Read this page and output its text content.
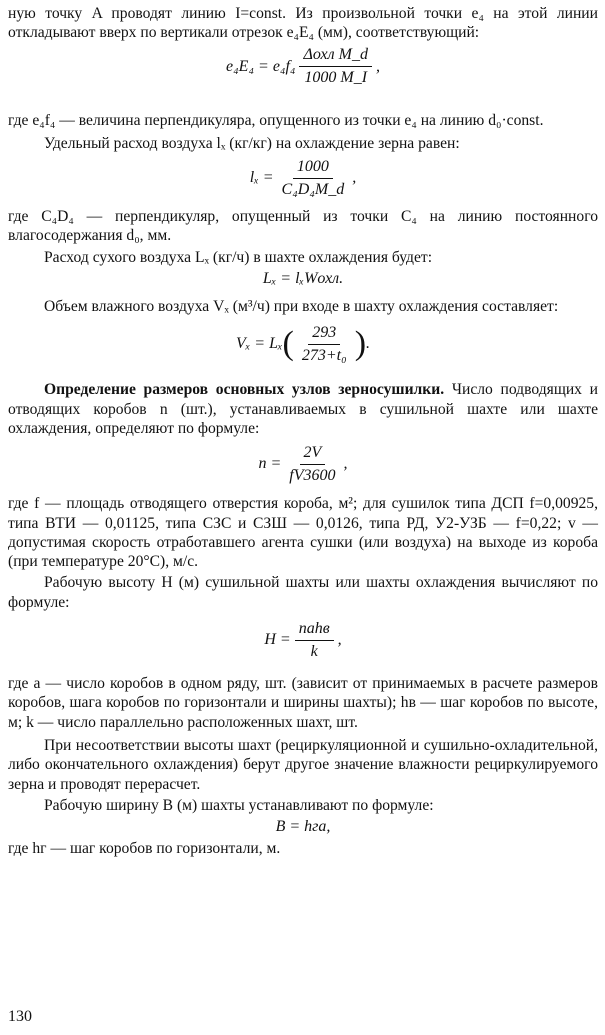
ную точку A проводят линию I=const. Из произвольной точки e₄ на этой линии откладывают вверх по вертикали отрезок e₄E₄ (мм), соответствующий:

$e_4E_4 = e_4f_4 \frac{\text{Δохл M\_d}}{1000 M\_I}$ ,

где e₄f₄ — величина перпендикуляра, опущенного из точки e₄ на линию d₀·const.

Удельный расход воздуха lₓ (кг/кг) на охлаждение зерна равен:

$l_x = \frac{1000}{\text{C₄D₄M\_d}}$ ,

где C₄D₄ — перпендикуляр, опущенный из точки C₄ на линию постоянного влагосодержания d₀, мм.

Расход сухого воздуха Lₓ (кг/ч) в шахте охлаждения будет:

Lₓ = lₓWохл.

Объем влажного воздуха Vₓ (м³/ч) при входе в шахту охлаждения составляет:

Vₓ = Lₓ ( $\frac{293}{\text{273+t₀}}$ ) .

Определение размеров основных узлов зерносушилки. Число подводящих и отводящих коробов n (шт.), устанавливаемых в сушильной шахте или шахте охлаждения, определяют по формуле:

$n = \frac{2V}{fV3600}$ ,

где f — площадь отводящего отверстия короба, м²; для сушилок типа ДСП f=0,00925, типа ВТИ — 0,01125, типа СЗС и СЗШ — 0,0126, типа РД, У2-УЗБ — f=0,22; v — допустимая скорость отработавшего агента сушки (или воздуха) на выходе из короба (при температуре 20°С), м/с.

Рабочую высоту H (м) сушильной шахты или шахты охлаждения вычисляют по формуле:

$H = \frac{\text{nahв}}{k}$ ,

где a — число коробов в одном ряду, шт. (зависит от принимаемых в расчете размеров коробов, шага коробов по горизонтали и ширины шахты); hв — шаг коробов по высоте, м; k — число параллельно расположенных шахт, шт.

При несоответствии высоты шахт (рециркуляционной и сушильно-охладительной, либо окончательного охлаждения) берут другое значение влажности рециркулируемого зерна и проводят перерасчет.

Рабочую ширину B (м) шахты устанавливают по формуле:

B = hгa,

где hг — шаг коробов по горизонтали, м.

130
